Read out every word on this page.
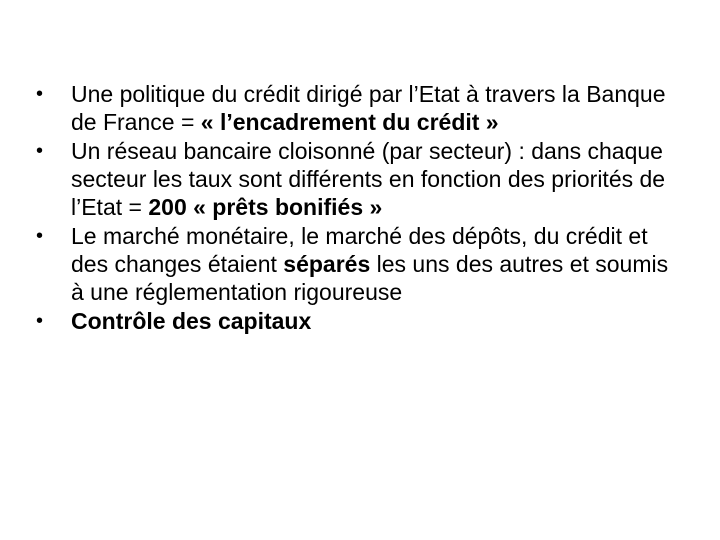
•	Une politique du crédit dirigé par l’Etat à travers la Banque de France = « l’encadrement du crédit »
•	Un réseau bancaire cloisonné (par secteur) : dans chaque secteur les taux sont différents en fonction des priorités de l’Etat = 200 « prêts bonifiés »
•	Le marché monétaire, le marché des dépôts, du crédit et des changes étaient séparés les uns des autres et soumis à une réglementation rigoureuse
•	Contrôle des capitaux
